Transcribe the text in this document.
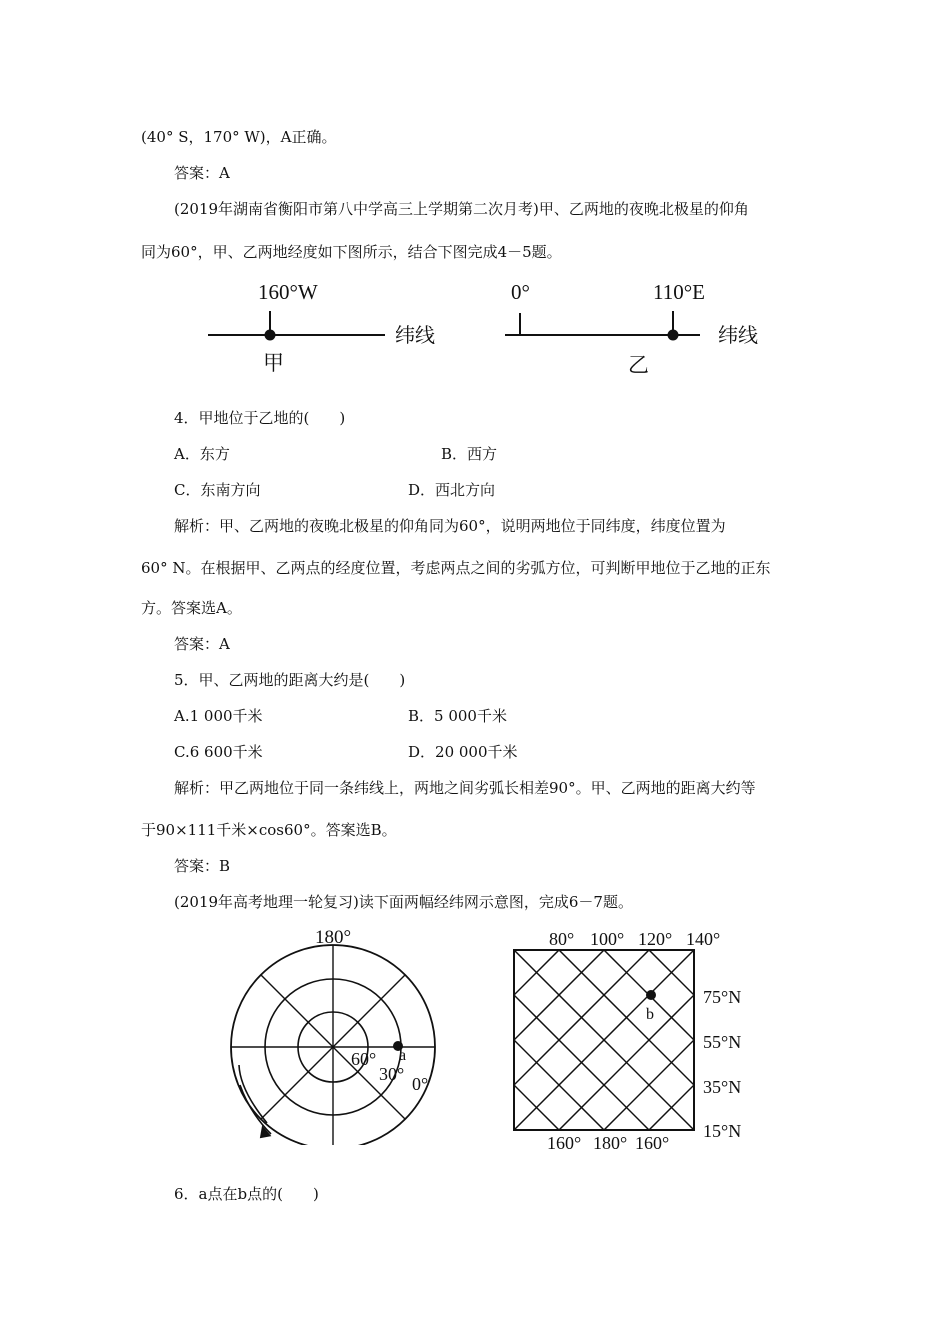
(40° S，170° W)，A正确。
答案：A
(2019年湖南省衡阳市第八中学高三上学期第二次月考)甲、乙两地的夜晚北极星的仰角
同为60°，甲、乙两地经度如下图所示，结合下图完成4－5题。
160°W
甲
纬线
0°	110°E
乙
纬线
4．甲地位于乙地的(　　)
A．东方	B．西方
C．东南方向	D．西北方向
解析：甲、乙两地的夜晚北极星的仰角同为60°，说明两地位于同纬度，纬度位置为
60° N。在根据甲、乙两点的经度位置，考虑两点之间的劣弧方位，可判断甲地位于乙地的正东
方。答案选A。
答案：A
5．甲、乙两地的距离大约是(　　)
A.1 000千米	B．5 000千米
C.6 600千米	D．20 000千米
解析：甲乙两地位于同一条纬线上，两地之间劣弧长相差90°。甲、乙两地的距离大约等
于90×111千米×cos60°。答案选B。
答案：B
(2019年高考地理一轮复习)读下面两幅经纬网示意图，完成6－7题。
180°
60°
30° 0°
a
b
80° 100° 120° 140°
160° 180° 160°
75°N
55°N
35°N
15°N
6．a点在b点的(　　)
